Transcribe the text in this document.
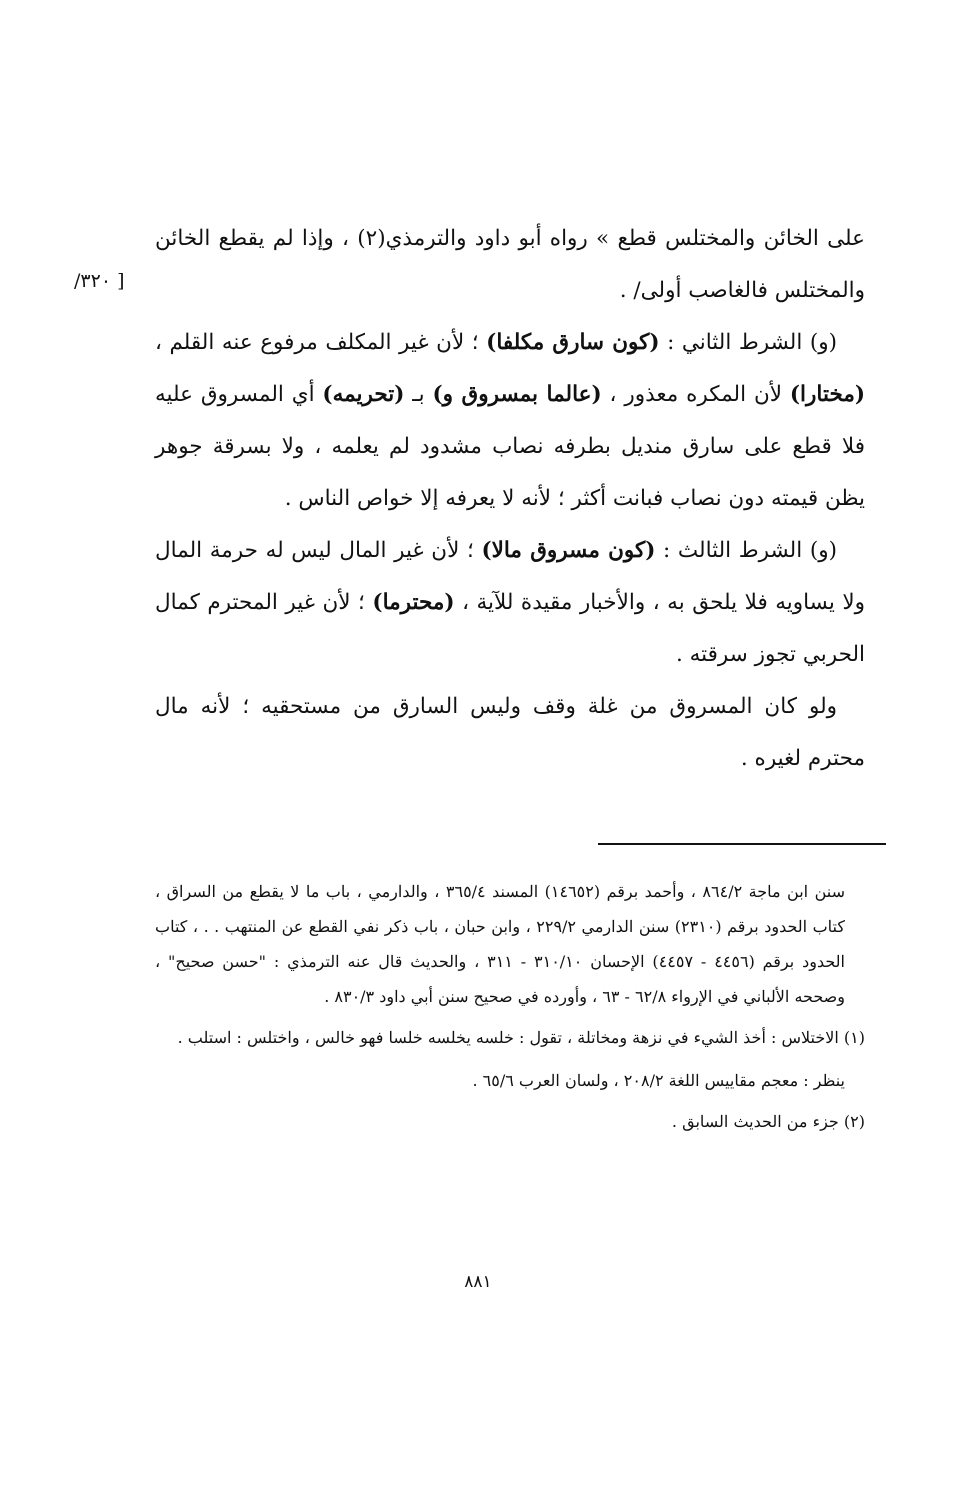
[ ٣٢٠/

على الخائن والمختلس قطع » رواه أبو داود والترمذي(٢) ، وإذا لم يقطع الخائن والمختلس فالغاصب أولى/ .

(و) الشرط الثاني : (كون سارق مكلفا) ؛ لأن غير المكلف مرفوع عنه القلم ، (مختارا) لأن المكره معذور ، (عالما بمسروق و) بـ (تحريمه) أي المسروق عليه فلا قطع على سارق منديل بطرفه نصاب مشدود لم يعلمه ، ولا بسرقة جوهر يظن قيمته دون نصاب فبانت أكثر ؛ لأنه لا يعرفه إلا خواص الناس .

(و) الشرط الثالث : (كون مسروق مالا) ؛ لأن غير المال ليس له حرمة المال ولا يساويه فلا يلحق به ، والأخبار مقيدة للآية ، (محترما) ؛ لأن غير المحترم كمال الحربي تجوز سرقته .

ولو كان المسروق من غلة وقف وليس السارق من مستحقيه ؛ لأنه مال محترم لغيره .

سنن ابن ماجة ٨٦٤/٢ ، وأحمد برقم (١٤٦٥٢) المسند ٣٦٥/٤ ، والدارمي ، باب ما لا يقطع من السراق ، كتاب الحدود برقم (٢٣١٠) سنن الدارمي ٢٢٩/٢ ، وابن حبان ، باب ذكر نفي القطع عن المنتهب . . ، كتاب الحدود برقم (٤٤٥٦ - ٤٤٥٧) الإحسان ٣١٠/١٠ - ٣١١ ، والحديث قال عنه الترمذي : "حسن صحيح" ، وصححه الألباني في الإرواء ٦٢/٨ - ٦٣ ، وأورده في صحيح سنن أبي داود ٨٣٠/٣ .

(١) الاختلاس : أخذ الشيء في نزهة ومخاتلة ، تقول : خلسه يخلسه خلسا فهو خالس ، واختلس : استلب .

ينظر : معجم مقاييس اللغة ٢٠٨/٢ ، ولسان العرب ٦٥/٦ .

(٢) جزء من الحديث السابق .

٨٨١
